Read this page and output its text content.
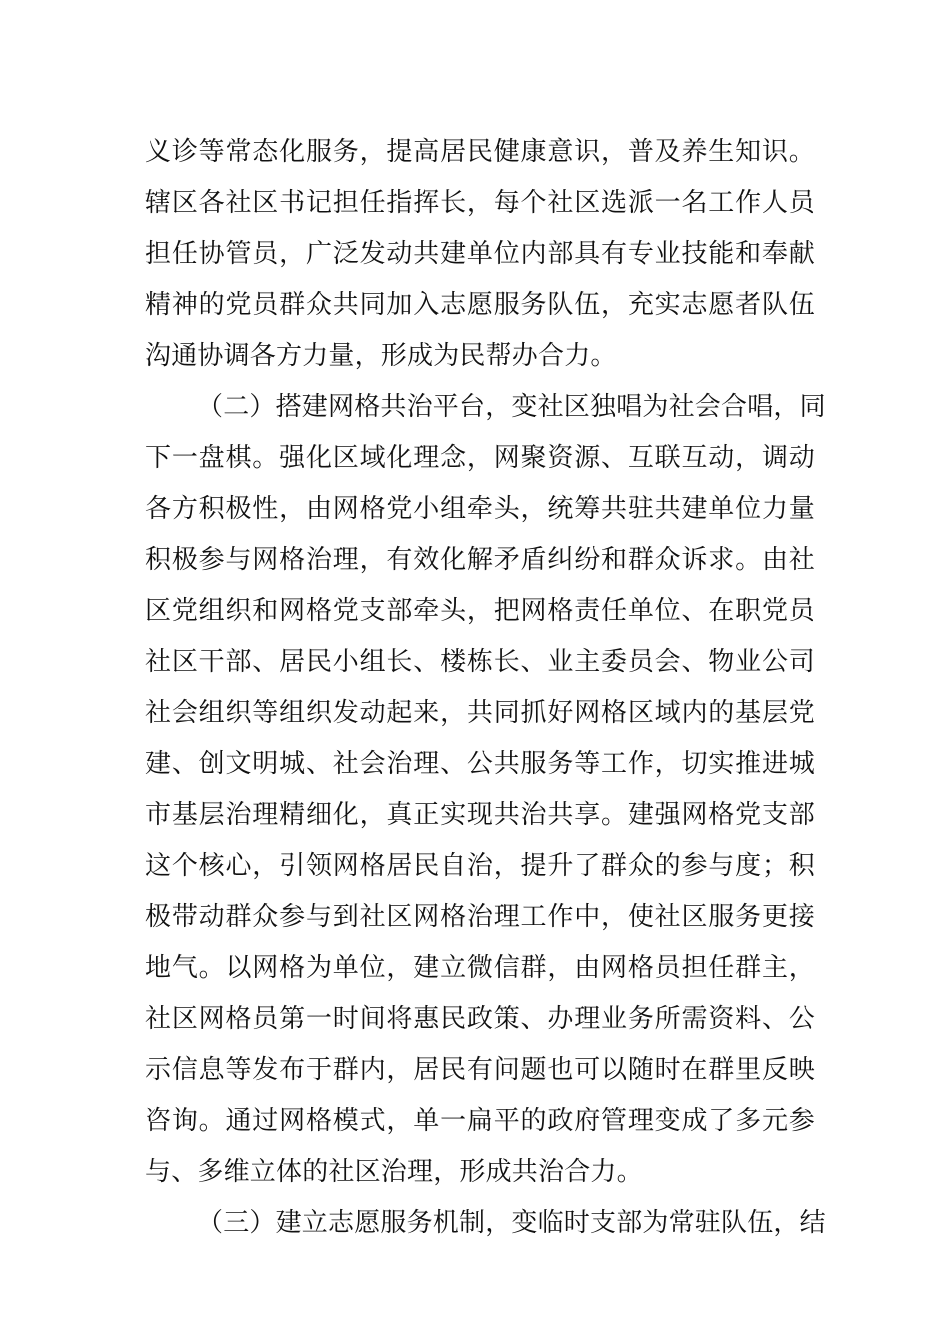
义诊等常态化服务，提高居民健康意识，普及养生知识。
辖区各社区书记担任指挥长，每个社区选派一名工作人员
担任协管员，广泛发动共建单位内部具有专业技能和奉献
精神的党员群众共同加入志愿服务队伍，充实志愿者队伍
沟通协调各方力量，形成为民帮办合力。
（二）搭建网格共治平台，变社区独唱为社会合唱，同
下一盘棋。强化区域化理念，网聚资源、互联互动，调动
各方积极性，由网格党小组牵头，统筹共驻共建单位力量
积极参与网格治理，有效化解矛盾纠纷和群众诉求。由社
区党组织和网格党支部牵头，把网格责任单位、在职党员
社区干部、居民小组长、楼栋长、业主委员会、物业公司
社会组织等组织发动起来，共同抓好网格区域内的基层党
建、创文明城、社会治理、公共服务等工作，切实推进城
市基层治理精细化，真正实现共治共享。建强网格党支部
这个核心，引领网格居民自治，提升了群众的参与度；积
极带动群众参与到社区网格治理工作中，使社区服务更接
地气。以网格为单位，建立微信群，由网格员担任群主，
社区网格员第一时间将惠民政策、办理业务所需资料、公
示信息等发布于群内，居民有问题也可以随时在群里反映
咨询。通过网格模式，单一扁平的政府管理变成了多元参
与、多维立体的社区治理，形成共治合力。
（三）建立志愿服务机制，变临时支部为常驻队伍，结
